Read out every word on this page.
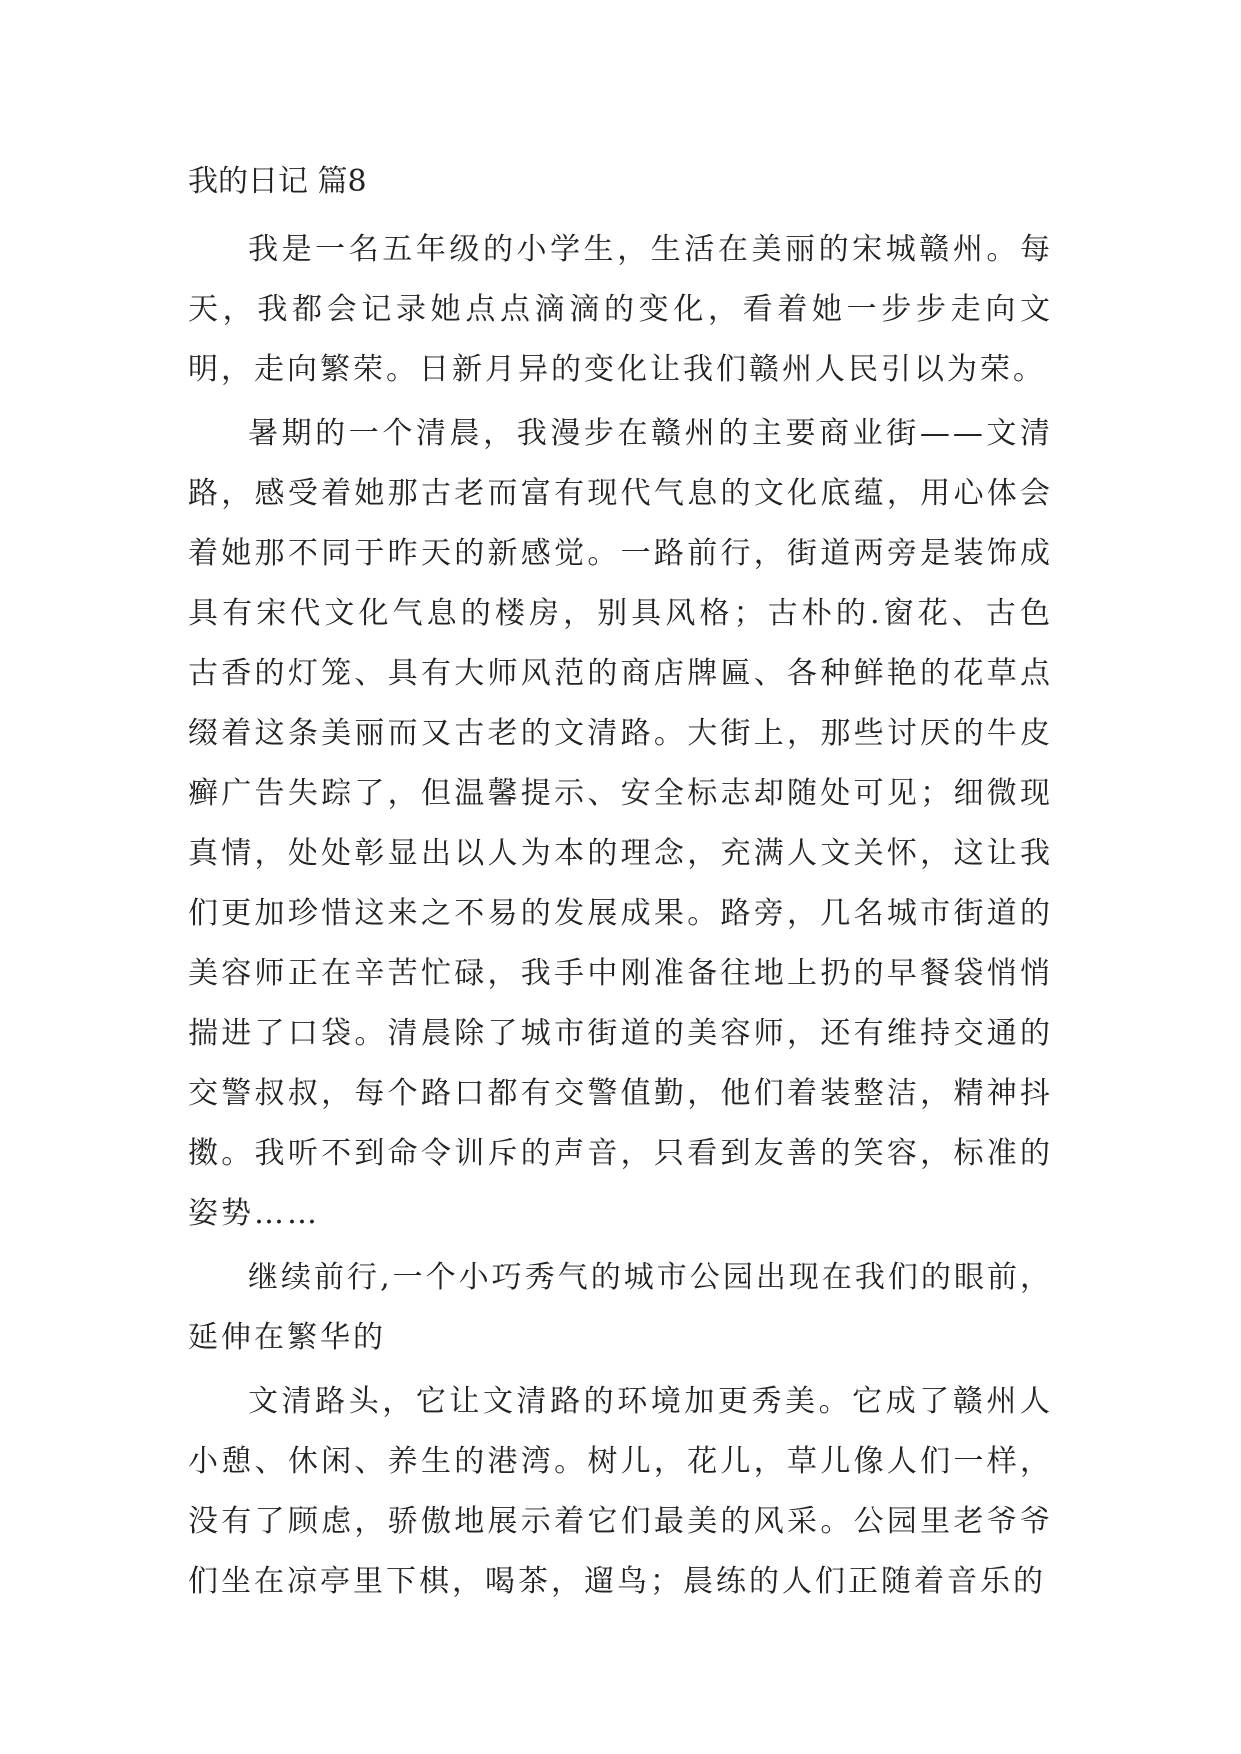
我的日记 篇8

我是一名五年级的小学生，生活在美丽的宋城赣州。每天，我都会记录她点点滴滴的变化，看着她一步步走向文明，走向繁荣。日新月异的变化让我们赣州人民引以为荣。

暑期的一个清晨，我漫步在赣州的主要商业街——文清路，感受着她那古老而富有现代气息的文化底蕴，用心体会着她那不同于昨天的新感觉。一路前行，街道两旁是装饰成具有宋代文化气息的楼房，别具风格；古朴的.窗花、古色古香的灯笼、具有大师风范的商店牌匾、各种鲜艳的花草点缀着这条美丽而又古老的文清路。大街上，那些讨厌的牛皮癣广告失踪了，但温馨提示、安全标志却随处可见；细微现真情，处处彰显出以人为本的理念，充满人文关怀，这让我们更加珍惜这来之不易的发展成果。路旁，几名城市街道的美容师正在辛苦忙碌，我手中刚准备往地上扔的早餐袋悄悄揣进了口袋。清晨除了城市街道的美容师，还有维持交通的交警叔叔，每个路口都有交警值勤，他们着装整洁，精神抖擞。我听不到命令训斥的声音，只看到友善的笑容，标准的姿势……

继续前行,一个小巧秀气的城市公园出现在我们的眼前，延伸在繁华的

文清路头，它让文清路的环境加更秀美。它成了赣州人小憩、休闲、养生的港湾。树儿，花儿，草儿像人们一样，没有了顾虑，骄傲地展示着它们最美的风采。公园里老爷爷们坐在凉亭里下棋，喝茶，遛鸟；晨练的人们正随着音乐的
